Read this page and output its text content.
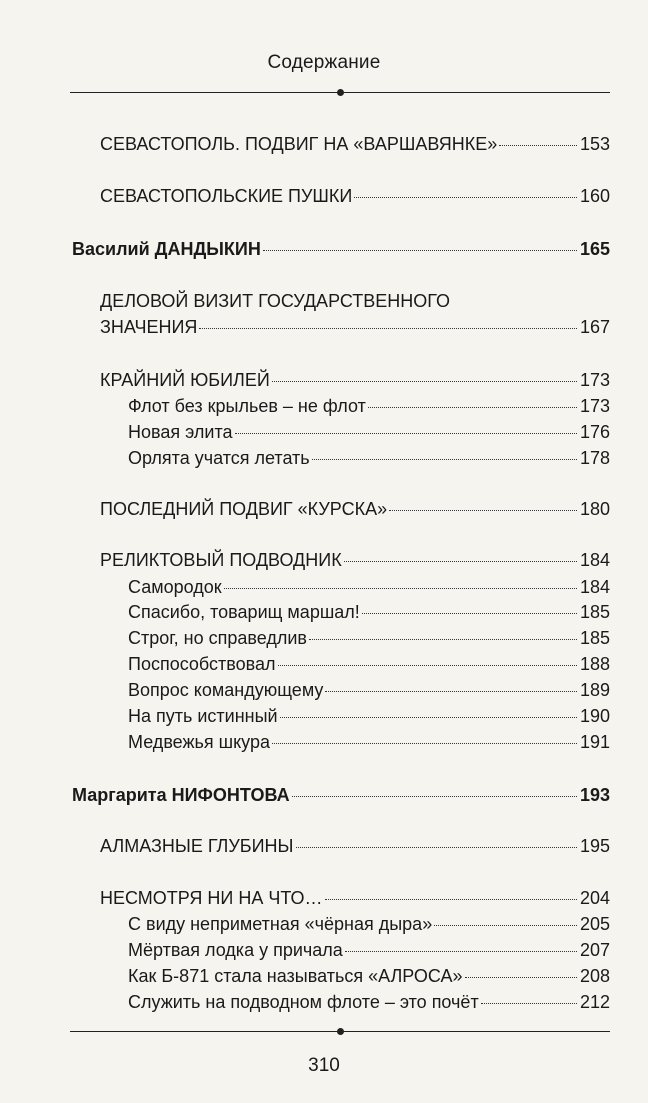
Содержание
СЕВАСТОПОЛЬ. ПОДВИГ НА «ВАРШАВЯНКЕ»	153
СЕВАСТОПОЛЬСКИЕ ПУШКИ	160
Василий ДАНДЫКИН	165
ДЕЛОВОЙ ВИЗИТ ГОСУДАРСТВЕННОГО
ЗНАЧЕНИЯ	167
КРАЙНИЙ ЮБИЛЕЙ	173
Флот без крыльев – не флот	173
Новая элита	176
Орлята учатся летать	178
ПОСЛЕДНИЙ ПОДВИГ «КУРСКА»	180
РЕЛИКТОВЫЙ ПОДВОДНИК	184
Самородок	184
Спасибо, товарищ маршал!	185
Строг, но справедлив	185
Поспособствовал	188
Вопрос командующему	189
На путь истинный	190
Медвежья шкура	191
Маргарита НИФОНТОВА	193
АЛМАЗНЫЕ ГЛУБИНЫ	195
НЕСМОТРЯ НИ НА ЧТО…	204
С виду неприметная «чёрная дыра»	205
Мёртвая лодка у причала	207
Как Б-871 стала называться «АЛРОСА»	208
Служить на подводном флоте – это почёт	212
310
